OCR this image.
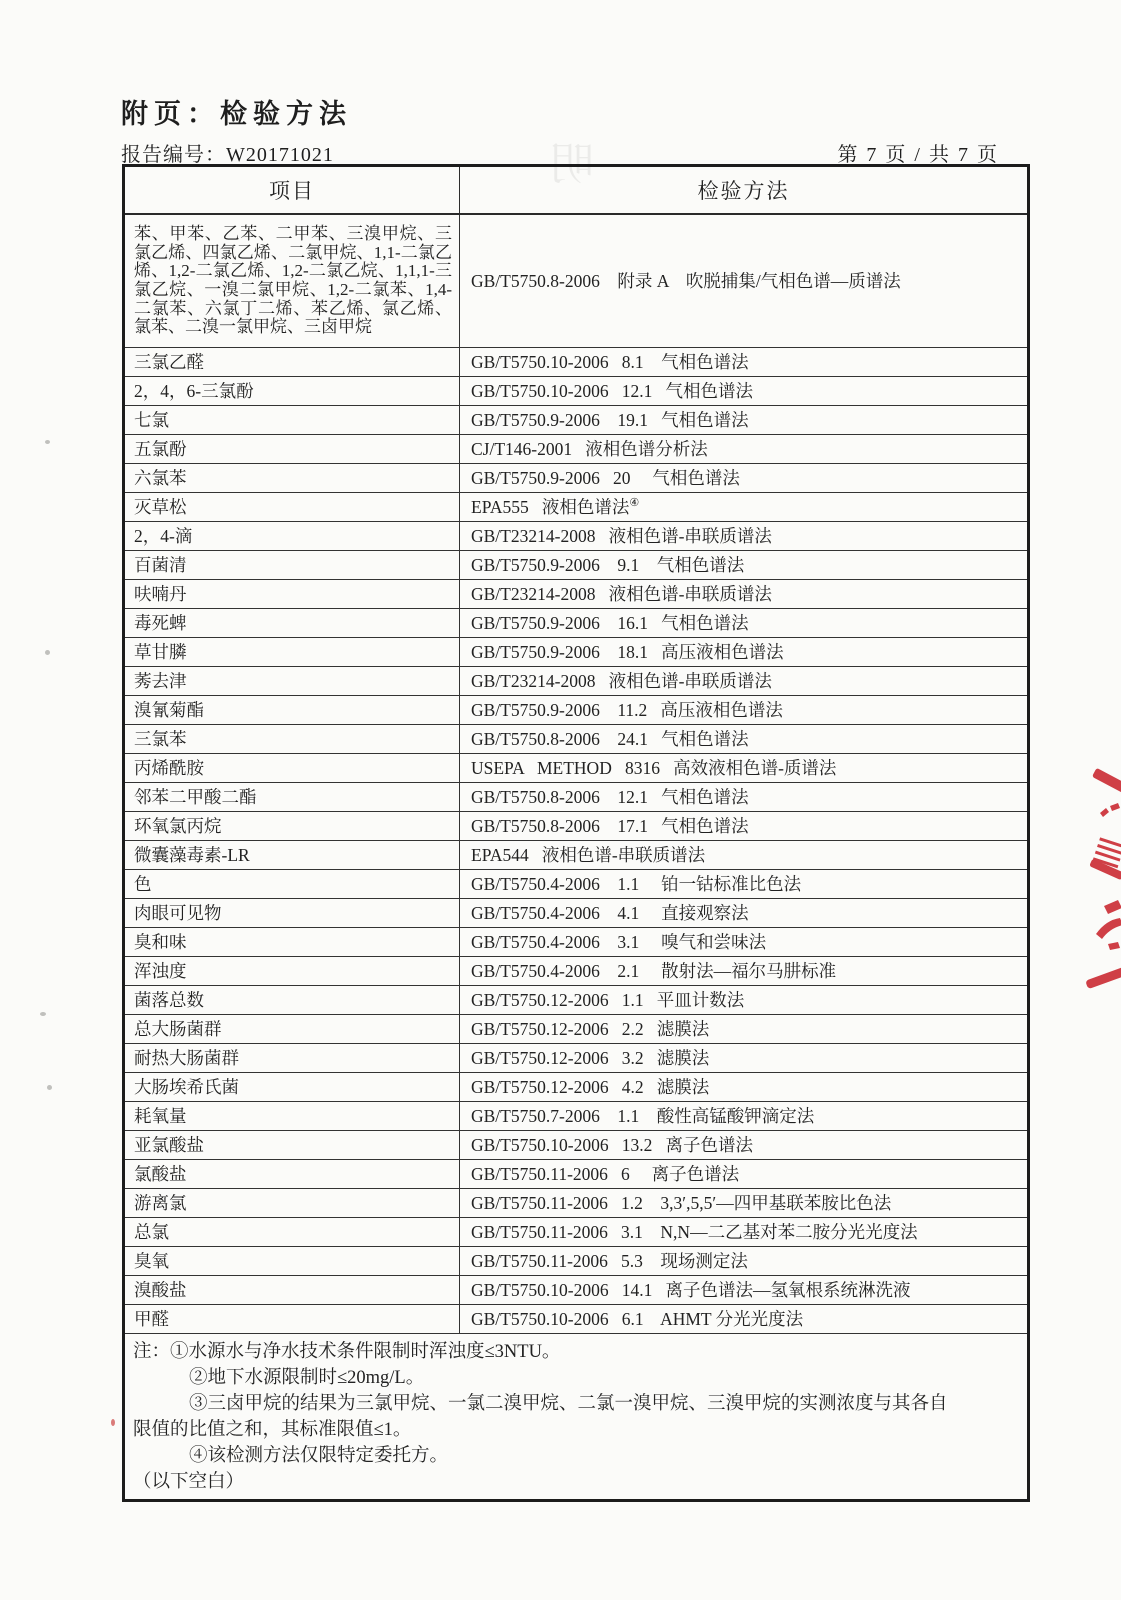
明
附页：检验方法
报告编号：W20171021	第 7 页 / 共 7 页
项目	检验方法
苯、甲苯、乙苯、二甲苯、三溴甲烷、三氯乙烯、四氯乙烯、二氯甲烷、1,1-二氯乙烯、1,2-二氯乙烯、1,2-二氯乙烷、1,1,1-三氯乙烷、一溴二氯甲烷、1,2-二氯苯、1,4-二氯苯、六氯丁二烯、苯乙烯、氯乙烯、氯苯、二溴一氯甲烷、三卤甲烷	GB/T5750.8-2006    附录 A    吹脱捕集/气相色谱—质谱法
三氯乙醛	GB/T5750.10-2006   8.1    气相色谱法
2，4，6-三氯酚	GB/T5750.10-2006   12.1   气相色谱法
七氯	GB/T5750.9-2006    19.1   气相色谱法
五氯酚	CJ/T146-2001   液相色谱分析法
六氯苯	GB/T5750.9-2006   20     气相色谱法
灭草松	EPA555   液相色谱法④
2，4-滴	GB/T23214-2008   液相色谱-串联质谱法
百菌清	GB/T5750.9-2006    9.1    气相色谱法
呋喃丹	GB/T23214-2008   液相色谱-串联质谱法
毒死蜱	GB/T5750.9-2006    16.1   气相色谱法
草甘膦	GB/T5750.9-2006    18.1   高压液相色谱法
莠去津	GB/T23214-2008   液相色谱-串联质谱法
溴氰菊酯	GB/T5750.9-2006    11.2   高压液相色谱法
三氯苯	GB/T5750.8-2006    24.1   气相色谱法
丙烯酰胺	USEPA   METHOD   8316   高效液相色谱-质谱法
邻苯二甲酸二酯	GB/T5750.8-2006    12.1   气相色谱法
环氧氯丙烷	GB/T5750.8-2006    17.1   气相色谱法
微囊藻毒素-LR	EPA544   液相色谱-串联质谱法
色	GB/T5750.4-2006    1.1     铂一钴标准比色法
肉眼可见物	GB/T5750.4-2006    4.1     直接观察法
臭和味	GB/T5750.4-2006    3.1     嗅气和尝味法
浑浊度	GB/T5750.4-2006    2.1     散射法—福尔马肼标准
菌落总数	GB/T5750.12-2006   1.1   平皿计数法
总大肠菌群	GB/T5750.12-2006   2.2   滤膜法
耐热大肠菌群	GB/T5750.12-2006   3.2   滤膜法
大肠埃希氏菌	GB/T5750.12-2006   4.2   滤膜法
耗氧量	GB/T5750.7-2006    1.1    酸性高锰酸钾滴定法
亚氯酸盐	GB/T5750.10-2006   13.2   离子色谱法
氯酸盐	GB/T5750.11-2006   6     离子色谱法
游离氯	GB/T5750.11-2006   1.2    3,3′,5,5′—四甲基联苯胺比色法
总氯	GB/T5750.11-2006   3.1    N,N—二乙基对苯二胺分光光度法
臭氧	GB/T5750.11-2006   5.3    现场测定法
溴酸盐	GB/T5750.10-2006   14.1   离子色谱法—氢氧根系统淋洗液
甲醛	GB/T5750.10-2006   6.1    AHMT 分光光度法

注：①水源水与净水技术条件限制时浑浊度≤3NTU。
②地下水源限制时≤20mg/L。
③三卤甲烷的结果为三氯甲烷、一氯二溴甲烷、二氯一溴甲烷、三溴甲烷的实测浓度与其各自
限值的比值之和，其标准限值≤1。
④该检测方法仅限特定委托方。
（以下空白）
